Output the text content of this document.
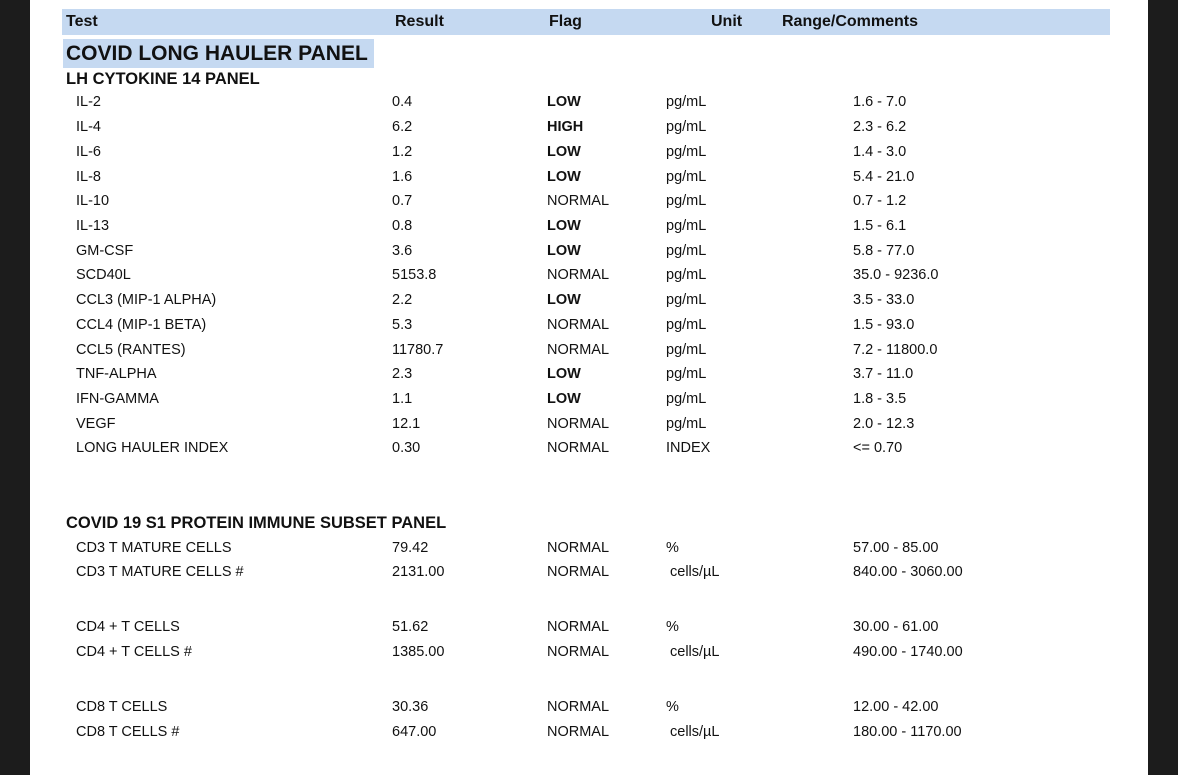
Test	Result	Flag	Unit Range/Comments
COVID LONG HAULER PANEL
LH CYTOKINE 14 PANEL
IL-2	0.4	LOW	pg/mL	1.6 - 7.0
IL-4	6.2	HIGH	pg/mL	2.3 - 6.2
IL-6	1.2	LOW	pg/mL	1.4 - 3.0
IL-8	1.6	LOW	pg/mL	5.4 - 21.0
IL-10	0.7	NORMAL	pg/mL	0.7 - 1.2
IL-13	0.8	LOW	pg/mL	1.5 - 6.1
GM-CSF	3.6	LOW	pg/mL	5.8 - 77.0
SCD40L	5153.8	NORMAL	pg/mL	35.0 - 9236.0
CCL3 (MIP-1 ALPHA)	2.2	LOW	pg/mL	3.5 - 33.0
CCL4 (MIP-1 BETA)	5.3	NORMAL	pg/mL	1.5 - 93.0
CCL5 (RANTES)	11780.7	NORMAL	pg/mL	7.2 - 11800.0
TNF-ALPHA	2.3	LOW	pg/mL	3.7 - 11.0
IFN-GAMMA	1.1	LOW	pg/mL	1.8 - 3.5
VEGF	12.1	NORMAL	pg/mL	2.0 - 12.3
LONG HAULER INDEX	0.30	NORMAL	INDEX	<= 0.70
COVID 19 S1 PROTEIN IMMUNE SUBSET PANEL
CD3 T MATURE CELLS	79.42	NORMAL	%	57.00 - 85.00
CD3 T MATURE CELLS #	2131.00	NORMAL	cells/µL	840.00 - 3060.00
CD4 + T CELLS	51.62	NORMAL	%	30.00 - 61.00
CD4 + T CELLS #	1385.00	NORMAL	cells/µL	490.00 - 1740.00
CD8 T CELLS	30.36	NORMAL	%	12.00 - 42.00
CD8 T CELLS #	647.00	NORMAL	cells/µL	180.00 - 1170.00
